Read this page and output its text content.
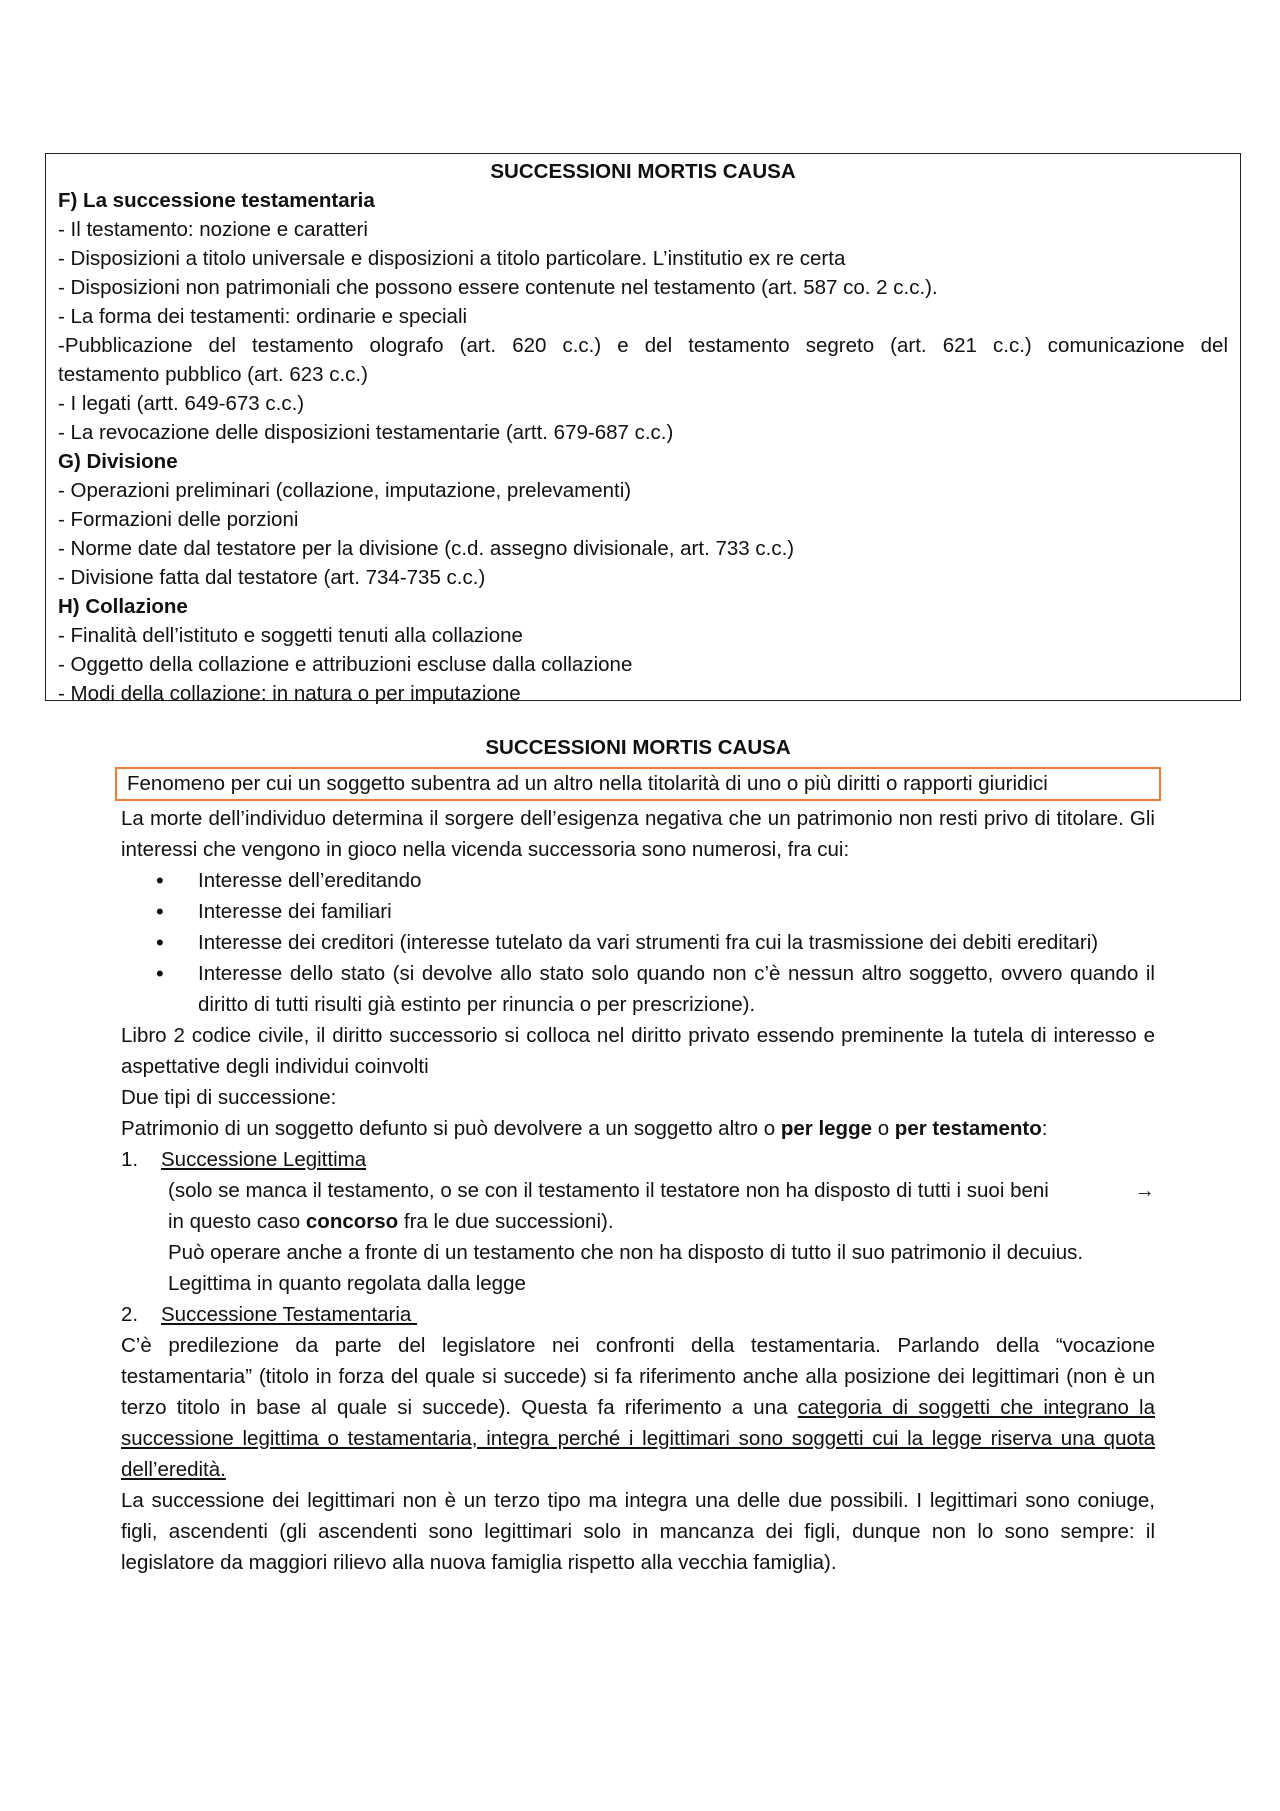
SUCCESSIONI MORTIS CAUSA
F) La successione testamentaria
- Il testamento: nozione e caratteri
- Disposizioni a titolo universale e disposizioni a titolo particolare. L’institutio ex re certa
- Disposizioni non patrimoniali che possono essere contenute nel testamento (art. 587 co. 2 c.c.).
- La forma dei testamenti: ordinarie e speciali
-Pubblicazione del testamento olografo (art. 620 c.c.) e del testamento segreto (art. 621 c.c.) comunicazione del
testamento pubblico (art. 623 c.c.)
- I legati (artt. 649-673 c.c.)
- La revocazione delle disposizioni testamentarie (artt. 679-687 c.c.)
G) Divisione
- Operazioni preliminari (collazione, imputazione, prelevamenti)
- Formazioni delle porzioni
- Norme date dal testatore per la divisione (c.d. assegno divisionale, art. 733 c.c.)
- Divisione fatta dal testatore (art. 734-735 c.c.)
H) Collazione
- Finalità dell’istituto e soggetti tenuti alla collazione
- Oggetto della collazione e attribuzioni escluse dalla collazione
- Modi della collazione: in natura o per imputazione
SUCCESSIONI MORTIS CAUSA
Fenomeno per cui un soggetto subentra ad un altro nella titolarità di uno o più diritti o rapporti giuridici
La morte dell’individuo determina il sorgere dell’esigenza negativa che un patrimonio non resti privo di titolare. Gli interessi che vengono in gioco nella vicenda successoria sono numerosi, fra cui:
• Interesse dell’ereditando
• Interesse dei familiari
• Interesse dei creditori (interesse tutelato da vari strumenti fra cui la trasmissione dei debiti ereditari)
• Interesse dello stato (si devolve allo stato solo quando non c’è nessun altro soggetto, ovvero quando il diritto di tutti risulti già estinto per rinuncia o per prescrizione).
Libro 2 codice civile, il diritto successorio si colloca nel diritto privato essendo preminente la tutela di interesso e aspettative degli individui coinvolti
Due tipi di successione:
Patrimonio di un soggetto defunto si può devolvere a un soggetto altro o per legge o per testamento:
1. Successione Legittima
(solo se manca il testamento, o se con il testamento il testatore non ha disposto di tutti i suoi beni	→
in questo caso concorso fra le due successioni).
Può operare anche a fronte di un testamento che non ha disposto di tutto il suo patrimonio il decuius.
Legittima in quanto regolata dalla legge
2. Successione Testamentaria
C’è predilezione da parte del legislatore nei confronti della testamentaria. Parlando della “vocazione testamentaria” (titolo in forza del quale si succede) si fa riferimento anche alla posizione dei legittimari (non è un terzo titolo in base al quale si succede). Questa fa riferimento a una categoria di soggetti che integrano la successione legittima o testamentaria, integra perché i legittimari sono soggetti cui la legge riserva una quota dell’eredità.
La successione dei legittimari non è un terzo tipo ma integra una delle due possibili. I legittimari sono coniuge, figli, ascendenti (gli ascendenti sono legittimari solo in mancanza dei figli, dunque non lo sono sempre: il legislatore da maggiori rilievo alla nuova famiglia rispetto alla vecchia famiglia).
